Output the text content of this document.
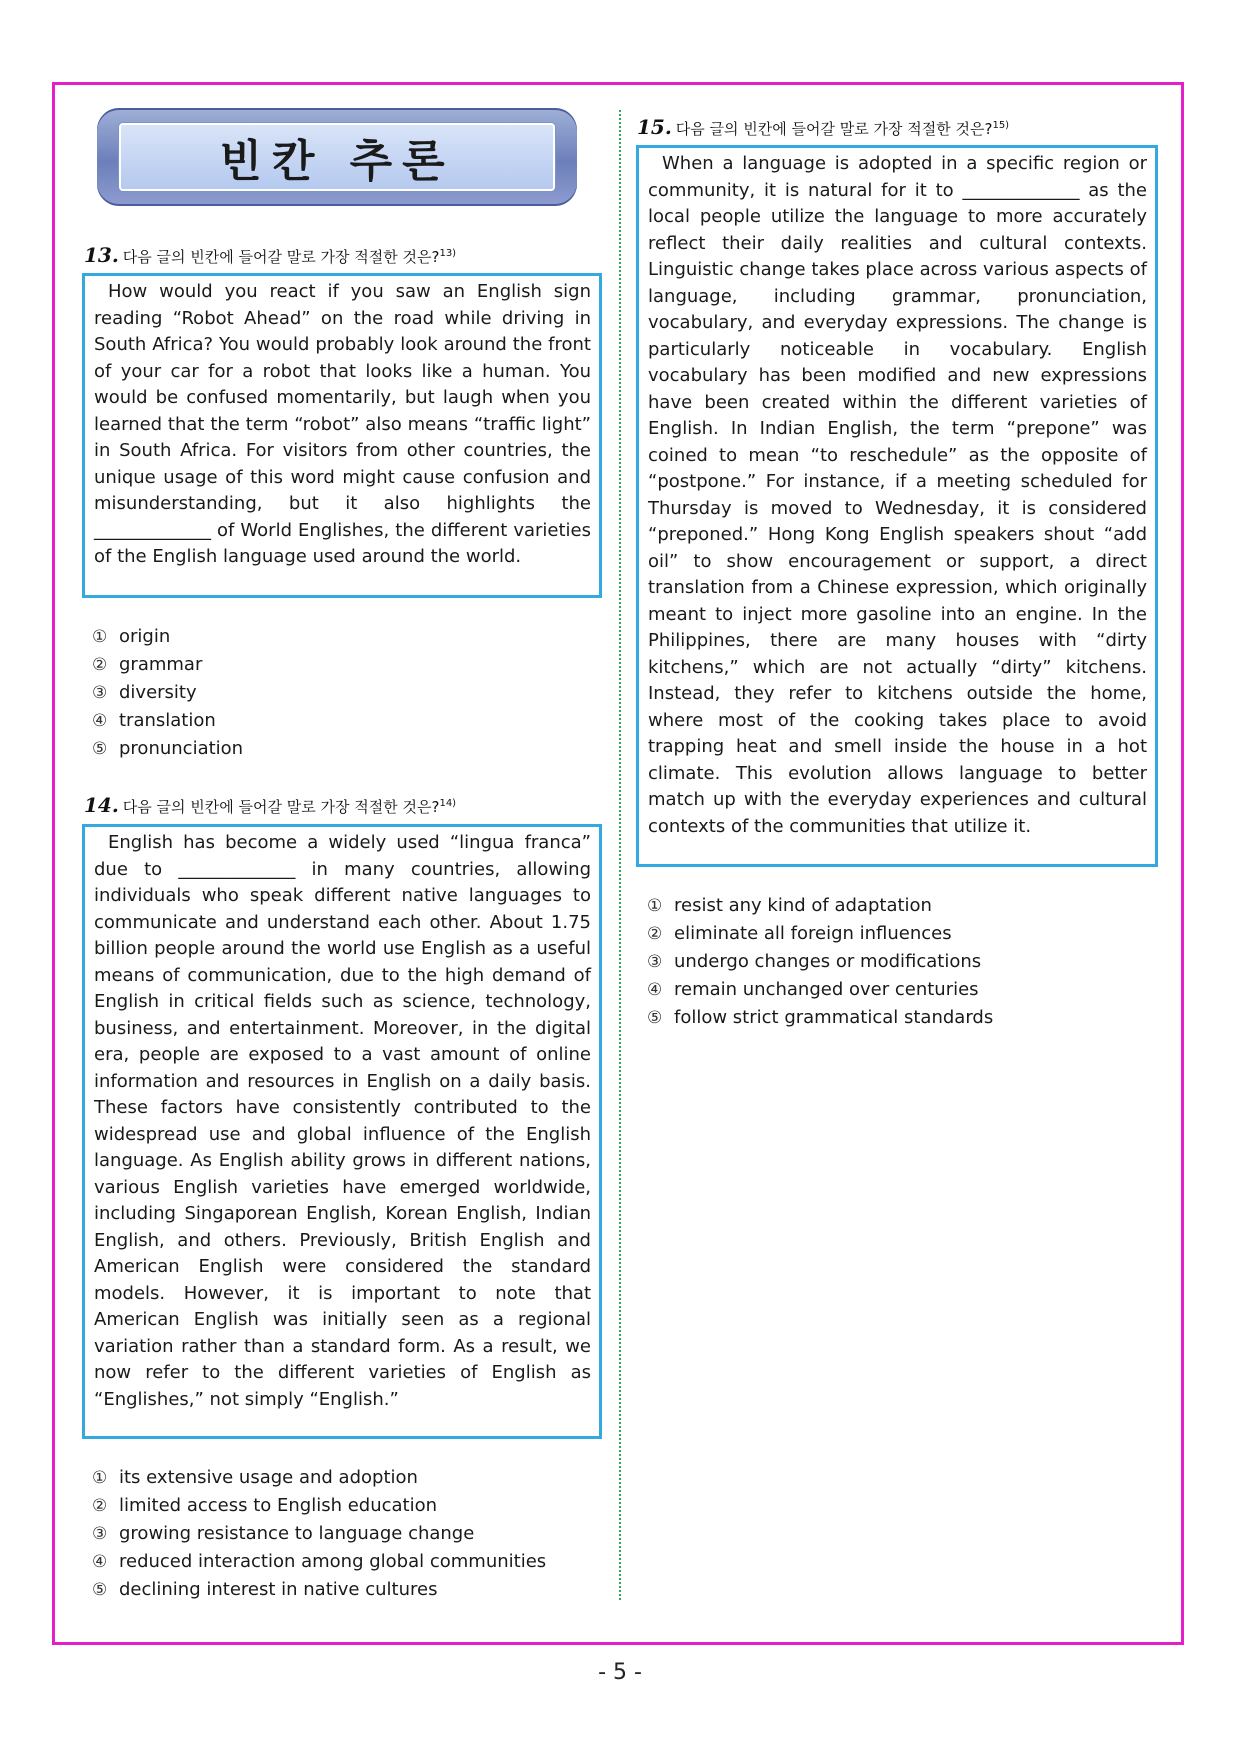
빈칸 추론
13. 다음 글의 빈칸에 들어갈 말로 가장 적절한 것은?$^{13)}$

How would you react if you saw an English sign reading “Robot Ahead” on the road while driving in South Africa? You would probably look around the front of your car for a robot that looks like a human. You would be confused momentarily, but laugh when you learned that the term “robot” also means “traffic light” in South Africa. For visitors from other countries, the unique usage of this word might cause confusion and misunderstanding, but it also highlights the _____________ of World Englishes, the different varieties of the English language used around the world.

① origin
② grammar
③ diversity
④ translation
⑤ pronunciation
14. 다음 글의 빈칸에 들어갈 말로 가장 적절한 것은?$^{14)}$

English has become a widely used “lingua franca” due to _____________ in many countries, allowing individuals who speak different native languages to communicate and understand each other. About 1.75 billion people around the world use English as a useful means of communication, due to the high demand of English in critical fields such as science, technology, business, and entertainment. Moreover, in the digital era, people are exposed to a vast amount of online information and resources in English on a daily basis. These factors have consistently contributed to the widespread use and global influence of the English language. As English ability grows in different nations, various English varieties have emerged worldwide, including Singaporean English, Korean English, Indian English, and others. Previously, British English and American English were considered the standard models. However, it is important to note that American English was initially seen as a regional variation rather than a standard form. As a result, we now refer to the different varieties of English as “Englishes,” not simply “English.”

① its extensive usage and adoption
② limited access to English education
③ growing resistance to language change
④ reduced interaction among global communities
⑤ declining interest in native cultures
15. 다음 글의 빈칸에 들어갈 말로 가장 적절한 것은?$^{15)}$

When a language is adopted in a specific region or community, it is natural for it to _____________ as the local people utilize the language to more accurately reflect their daily realities and cultural contexts. Linguistic change takes place across various aspects of language, including grammar, pronunciation, vocabulary, and everyday expressions. The change is particularly noticeable in vocabulary. English vocabulary has been modified and new expressions have been created within the different varieties of English. In Indian English, the term “prepone” was coined to mean “to reschedule” as the opposite of “postpone.” For instance, if a meeting scheduled for Thursday is moved to Wednesday, it is considered “preponed.” Hong Kong English speakers shout “add oil” to show encouragement or support, a direct translation from a Chinese expression, which originally meant to inject more gasoline into an engine. In the Philippines, there are many houses with “dirty kitchens,” which are not actually “dirty” kitchens. Instead, they refer to kitchens outside the home, where most of the cooking takes place to avoid trapping heat and smell inside the house in a hot climate. This evolution allows language to better match up with the everyday experiences and cultural contexts of the communities that utilize it.

① resist any kind of adaptation
② eliminate all foreign influences
③ undergo changes or modifications
④ remain unchanged over centuries
⑤ follow strict grammatical standards
- 5 -
